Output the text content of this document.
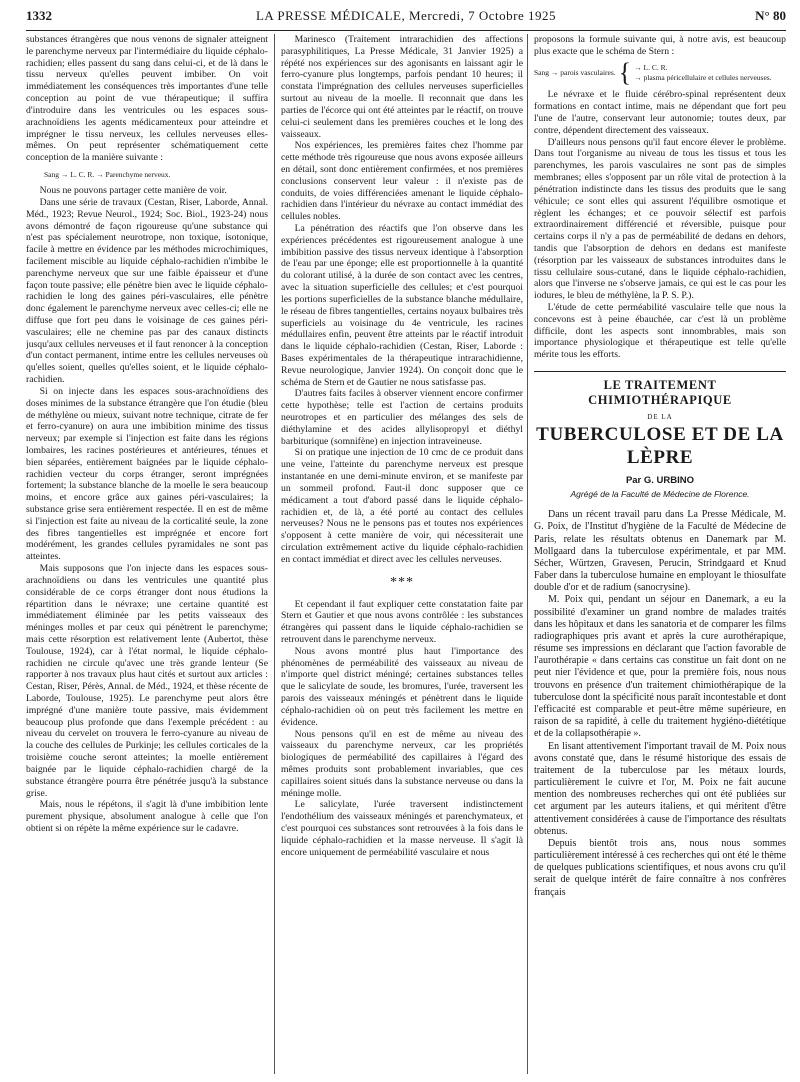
1332	LA PRESSE MÉDICALE, Mercredi, 7 Octobre 1925	N° 80

substances étrangères que nous venons de signaler atteignent le parenchyme nerveux par l'intermédiaire du liquide céphalo-rachidien; elles passent du sang dans celui-ci, et de là dans le tissu nerveux qu'elles peuvent imbiber. On voit immédiatement les conséquences très importantes d'une telle conception au point de vue thérapeutique; il suffira d'introduire dans les ventricules ou les espaces sous-arachnoïdiens les agents médicamenteux pour atteindre et imprégner le tissu nerveux, les cellules nerveuses elles-mêmes. On peut représenter schématiquement cette conception de la manière suivante :

Sang → L. C. R. → Parenchyme nerveux.

Nous ne pouvons partager cette manière de voir.

Dans une série de travaux (Cestan, Riser, Laborde, Annal. Méd., 1923; Revue Neurol., 1924; Soc. Biol., 1923-24) nous avons démontré de façon rigoureuse qu'une substance qui n'est pas spécialement neurotrope, non toxique, isotonique, facile à mettre en évidence par les méthodes microchimiques, facilement miscible au liquide céphalo-rachidien n'imbibe le parenchyme nerveux que sur une faible épaisseur et d'une façon toute passive; elle pénètre bien avec le liquide céphalo-rachidien le long des gaines péri-vasculaires, elle pénètre donc également le parenchyme nerveux avec celles-ci; elle ne diffuse que fort peu dans le voisinage de ces gaines péri-vasculaires; elle ne chemine pas par des canaux distincts jusqu'aux cellules nerveuses et il faut renoncer à la conception d'un contact permanent, intime entre les cellules nerveuses où qu'elles soient, quelles qu'elles soient, et le liquide céphalo-rachidien.

Si on injecte dans les espaces sous-arachnoïdiens des doses minimes de la substance étrangère que l'on étudie (bleu de méthylène ou mieux, suivant notre technique, citrate de fer et ferro-cyanure) on aura une imbibition minime des tissus nerveux; par exemple si l'injection est faite dans les régions lombaires, les racines postérieures et antérieures, ténues et bien séparées, entièrement baignées par le liquide céphalo-rachidien vecteur du corps étranger, seront imprégnées fortement; la substance blanche de la moelle le sera beaucoup moins, et encore grâce aux gaines péri-vasculaires; la substance grise sera entièrement respectée. Il en est de même si l'injection est faite au niveau de la corticalité seule, la zone des fibres tangentielles est imprégnée et encore fort modérément, les grandes cellules pyramidales ne sont pas atteintes.

Mais supposons que l'on injecte dans les espaces sous-arachnoïdiens ou dans les ventricules une quantité plus considérable de ce corps étranger dont nous étudions la répartition dans le névraxe; une certaine quantité est immédiatement éliminée par les petits vaisseaux des méninges molles et par ceux qui pénètrent le parenchyme; mais cette résorption est relativement lente (Aubertot, thèse Toulouse, 1924), car à l'état normal, le liquide céphalo-rachidien ne circule qu'avec une très grande lenteur (Se rapporter à nos travaux plus haut cités et surtout aux articles : Cestan, Riser, Pérès, Annal. de Méd., 1924, et thèse récente de Laborde, Toulouse, 1925). Le parenchyme peut alors être imprégné d'une manière toute passive, mais évidemment beaucoup plus profonde que dans l'exemple précédent : au niveau du cervelet on trouvera le ferro-cyanure au niveau de la couche des cellules de Purkinje; les cellules corticales de la troisième couche seront atteintes; la moelle entièrement baignée par le liquide céphalo-rachidien chargé de la substance étrangère pourra être pénétrée jusqu'à la substance grise.

Mais, nous le répétons, il s'agit là d'une imbibition lente purement physique, absolument analogue à celle que l'on obtient si on répète la même expérience sur le cadavre.

Marinesco (Traitement intrarachidien des affections parasyphilitiques, La Presse Médicale, 31 Janvier 1925) a répété nos expériences sur des agonisants en laissant agir le ferro-cyanure plus longtemps, parfois pendant 10 heures; il constata l'imprégnation des cellules nerveuses superficielles surtout au niveau de la moelle. Il reconnait que dans les parties de l'écorce qui ont été atteintes par le réactif, on trouve celui-ci seulement dans les premières couches et le long des vaisseaux.

Nos expériences, les premières faites chez l'homme par cette méthode très rigoureuse que nous avons exposée ailleurs en détail, sont donc entièrement confirmées, et nos premières conclusions conservent leur valeur : il n'existe pas de conduits, de voies différenciées amenant le liquide céphalo-rachidien dans l'intérieur du névraxe au contact immédiat des cellules nobles.

La pénétration des réactifs que l'on observe dans les expériences précédentes est rigoureusement analogue à une imbibition passive des tissus nerveux identique à l'absorption de l'eau par une éponge; elle est proportionnelle à la quantité du colorant utilisé, à la durée de son contact avec les centres, avec la situation superficielle des cellules; et c'est pourquoi les portions superficielles de la substance blanche médullaire, le réseau de fibres tangentielles, certains noyaux bulbaires très superficiels au voisinage du 4e ventricule, les racines médullaires enfin, peuvent être atteints par le réactif introduit dans le liquide céphalo-rachidien (Cestan, Riser, Laborde : Bases expérimentales de la thérapeutique intrarachidienne, Revue neurologique, Janvier 1924). On conçoit donc que le schéma de Stern et de Gautier ne nous satisfasse pas.

D'autres faits faciles à observer viennent encore confirmer cette hypothèse; telle est l'action de certains produits neurotropes et en particulier des mélanges des sels de diéthylamine et des acides allylisopropyl et diéthyl barbiturique (somnifène) en injection intraveineuse.

Si on pratique une injection de 10 cmc de ce produit dans une veine, l'atteinte du parenchyme nerveux est presque instantanée en une demi-minute environ, et se manifeste par un sommeil profond. Faut-il donc supposer que ce médicament a tout d'abord passé dans le liquide céphalo-rachidien et, de là, a été porté au contact des cellules nerveuses? Nous ne le pensons pas et toutes nos expériences s'opposent à cette manière de voir, qui nécessiterait une circulation extrêmement active du liquide céphalo-rachidien en contact immédiat et direct avec les cellules nerveuses.

***

Et cependant il faut expliquer cette constatation faite par Stern et Gautier et que nous avons contrôlée : les substances étrangères qui passent dans le liquide céphalo-rachidien se retrouvent dans le parenchyme nerveux.

Nous avons montré plus haut l'importance des phénomènes de perméabilité des vaisseaux au niveau de n'importe quel district méningé; certaines substances telles que le salicylate de soude, les bromures, l'urée, traversent les parois des vaisseaux méningés et pénètrent dans le liquide céphalo-rachidien où on peut très facilement les mettre en évidence.

Nous pensons qu'il en est de même au niveau des vaisseaux du parenchyme nerveux, car les propriétés biologiques de perméabilité des capillaires à l'égard des mêmes produits sont probablement invariables, que ces capillaires soient situés dans la substance nerveuse ou dans la méninge molle.

Le salicylate, l'urée traversent indistinctement l'endothélium des vaisseaux méningés et parenchymateux, et c'est pourquoi ces substances sont retrouvées à la fois dans le liquide céphalo-rachidien et la masse nerveuse. Il s'agit là encore uniquement de perméabilité vasculaire et nous

proposons la formule suivante qui, à notre avis, est beaucoup plus exacte que le schéma de Stern :

Sang → parois vasculaires. { → L. C. R.
→ plasma péricellulaire et cellules nerveuses.

Le névraxe et le fluide cérébro-spinal représentent deux formations en contact intime, mais ne dépendant que fort peu l'une de l'autre, conservant leur autonomie; toutes deux, par contre, dépendent directement des vaisseaux.

D'ailleurs nous pensons qu'il faut encore élever le problème. Dans tout l'organisme au niveau de tous les tissus et tous les parenchymes, les parois vasculaires ne sont pas de simples membranes; elles s'opposent par un rôle vital de protection à la pénétration indistincte dans les tissus des produits que le sang véhicule; ce sont elles qui assurent l'équilibre osmotique et règlent les échanges; et ce pouvoir sélectif est parfois extraordinairement différencié et réversible, puisque pour certains corps il n'y a pas de perméabilité de dedans en dehors, tandis que l'absorption de dehors en dedans est manifeste (résorption par les vaisseaux de substances introduites dans le tissu cellulaire sous-cutané, dans le liquide céphalo-rachidien, alors que l'inverse ne s'observe jamais, ce qui est le cas pour les iodures, le bleu de méthylène, la P. S. P.).

L'étude de cette perméabilité vasculaire telle que nous la concevons est à peine ébauchée, car c'est là un problème difficile, dont les aspects sont innombrables, mais son importance physiologique et thérapeutique est telle qu'elle mérite tous les efforts.

LE TRAITEMENT CHIMIOTHÉRAPIQUE
DE LA
TUBERCULOSE ET DE LA LÈPRE
Par G. URBINO
Agrégé de la Faculté de Médecine de Florence.

Dans un récent travail paru dans La Presse Médicale, M. G. Poix, de l'Institut d'hygiène de la Faculté de Médecine de Paris, relate les résultats obtenus en Danemark par M. Mollgaard dans la tuberculose expérimentale, et par MM. Sécher, Würtzen, Gravesen, Perucin, Strindgaard et Knud Faber dans la tuberculose humaine en employant le thiosulfate double d'or et de radium (sanocrysine).

M. Poix qui, pendant un séjour en Danemark, a eu la possibilité d'examiner un grand nombre de malades traités dans les hôpitaux et dans les sanatoria et de comparer les films radiographiques pris avant et après la cure aurothérapique, résume ses impressions en déclarant que l'action favorable de l'aurothérapie « dans certains cas constitue un fait dont on ne peut nier l'évidence et que, pour la première fois, nous nous trouvons en présence d'un traitement chimiothérapique de la tuberculose dont la spécificité nous paraît incontestable et dont l'efficacité est comparable et peut-être même supérieure, en raison de sa rapidité, à celle du traitement hygiéno-diététique et de la collapsothérapie ».

En lisant attentivement l'important travail de M. Poix nous avons constaté que, dans le résumé historique des essais de traitement de la tuberculose par les métaux lourds, particulièrement le cuivre et l'or, M. Poix ne fait aucune mention des nombreuses recherches qui ont été publiées sur cet argument par les auteurs italiens, et qui méritent d'être attentivement considérées à cause de l'importance des résultats obtenus.

Depuis bientôt trois ans, nous nous sommes particulièrement intéressé à ces recherches qui ont été le thème de quelques publications scientifiques, et nous avons cru qu'il serait de quelque intérêt de faire connaître à nos confrères français
